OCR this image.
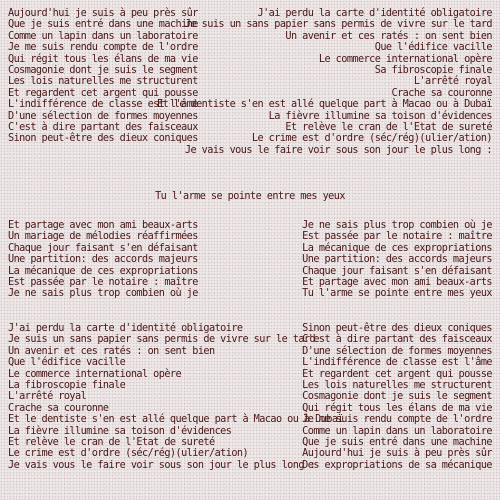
Aujourd'hui je suis à peu près sûr	J'ai perdu la carte d'identité obligatoire
Que je suis entré dans une machine
Je suis un sans papier sans permis de vivre sur le tard
Comme un lapin dans un laboratoire	Un avenir et ces ratés : on sent bien
Je me suis rendu compte de l'ordre	Que l'édifice vacille
Qui régit tous les élans de ma vie	Le commerce international opère
Cosmagonie dont je suis le segment	Sa fibroscopie finale
Les lois naturelles me structurent	L'arrêté royal
Et regardent cet argent qui pousse	Crache sa couronne
L'indifférence de classe est l'âme
Et le dentiste s'en est allé quelque part à Macao ou à Dubaï
D'une sélection de formes moyennes	La fièvre illumine sa toison d'évidences
C'est à dire partant des faisceaux	Et relève le cran de l'Etat de sureté
Sinon peut-être des dieux coniques	Le crime est d'ordre (séc/rég)(ulier/ation)
Je vais vous le faire voir sous son jour le plus long :
Tu l'arme se pointe entre mes yeux
Et partage avec mon ami beaux-arts	Je ne sais plus trop combien où je
Un mariage de mélodies réaffirmées	Est passée par le notaire : maître
Chaque jour faisant s'en défaisant	La mécanique de ces expropriations
Une partition: des accords majeurs	Une partition: des accords majeurs
La mécanique de ces expropriations	Chaque jour faisant s'en défaisant
Est passée par le notaire : maître	Et partage avec mon ami beaux-arts
Je ne sais plus trop combien où je	Tu l'arme se pointe entre mes yeux
J'ai perdu la carte d'identité obligatoire	Sinon peut-être des dieux coniques
Je suis un sans papier sans permis de vivre sur le tard
C'est à dire partant des faisceaux
Un avenir et ces ratés : on sent bien	D'une sélection de formes moyennes
Que l'édifice vacille	L'indifférence de classe est l'âme
Le commerce international opère	Et regardent cet argent qui pousse
La fibroscopie finale	Les lois naturelles me structurent
L'arrêté royal	Cosmagonie dont je suis le segment
Crache sa couronne	Qui régit tous les élans de ma vie
Et le dentiste s'en est allé quelque part à Macao ou à Dubaï
Je me suis rendu compte de l'ordre
La fièvre illumine sa toison d'évidences	Comme un lapin dans un laboratoire
Et relève le cran de l'Etat de sureté	Que je suis entré dans une machine
Le crime est d'ordre (séc/rég)(ulier/ation)	Aujourd'hui je suis à peu près sûr
Je vais vous le faire voir sous son jour le plus long :
Des expropriations de sa mécanique
